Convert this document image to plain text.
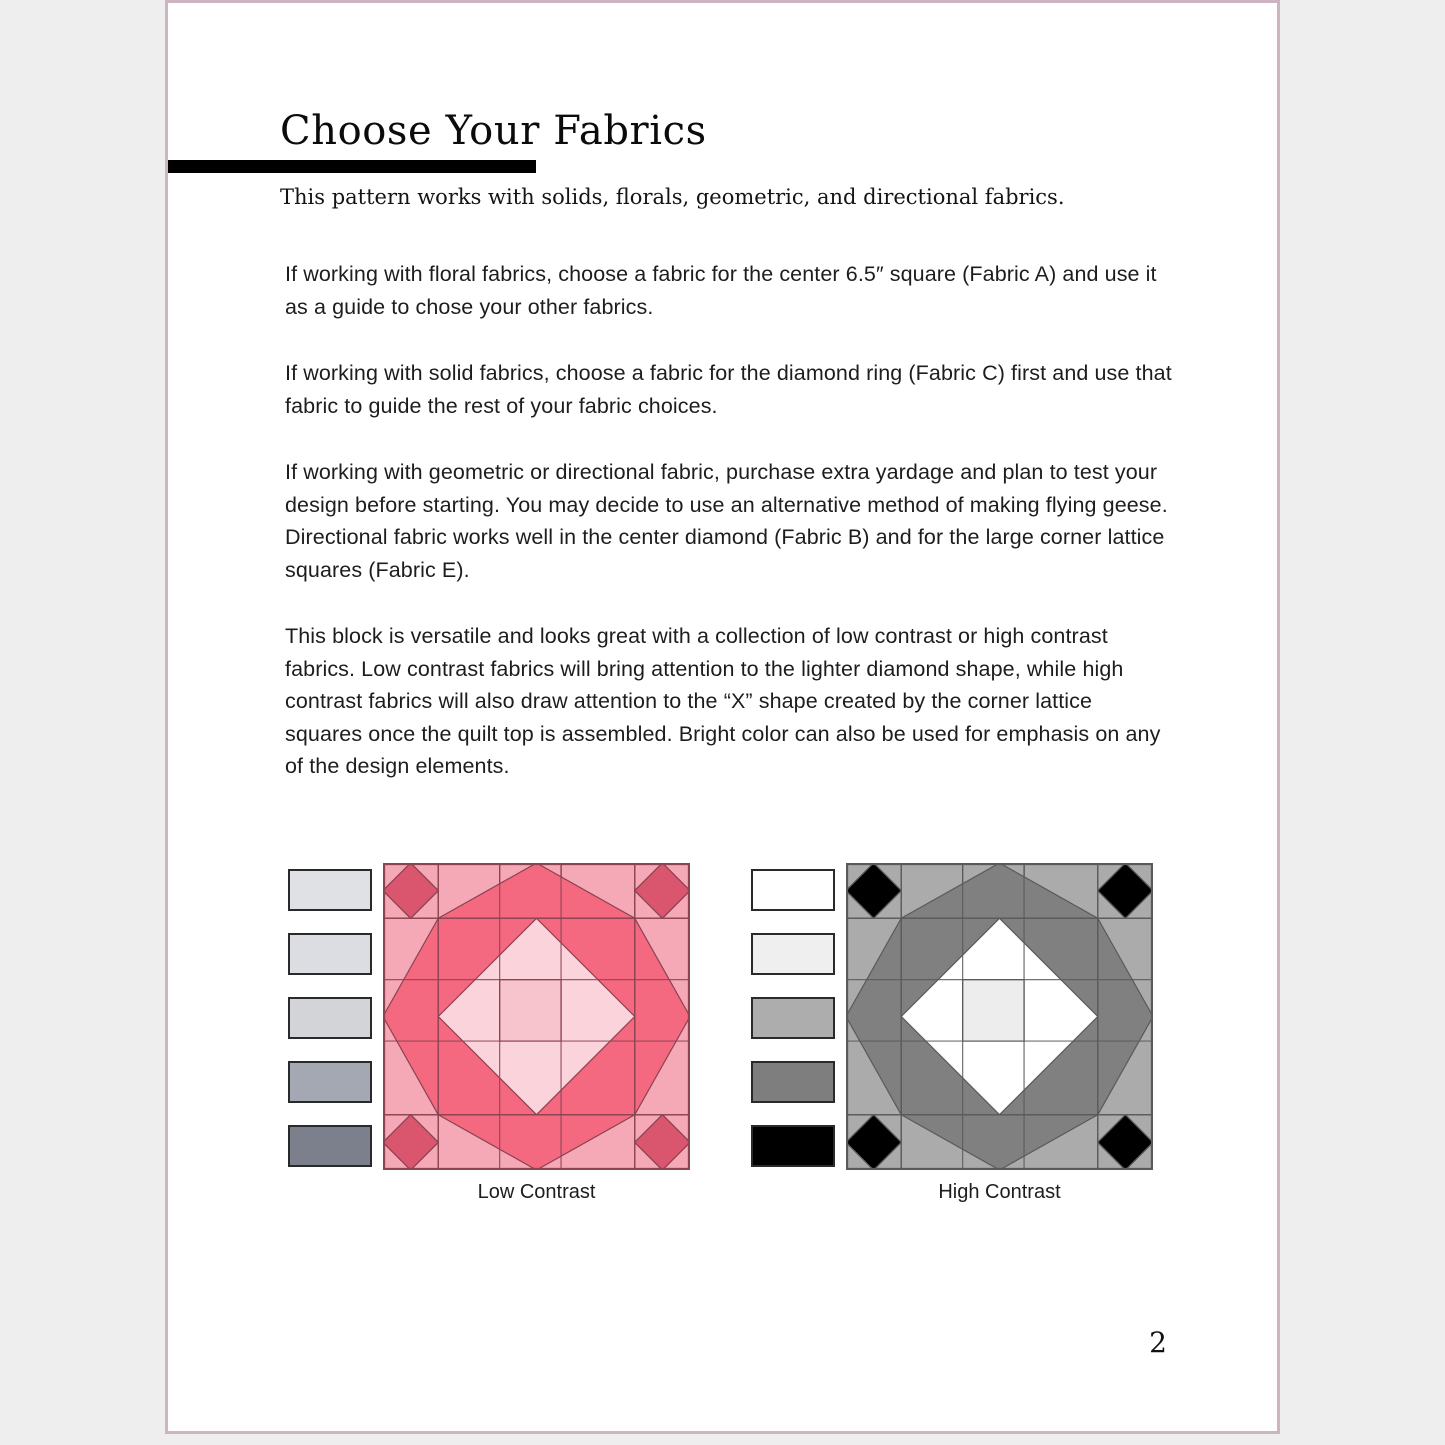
Choose Your Fabrics
This pattern works with solids, florals, geometric, and directional fabrics.

If working with floral fabrics, choose a fabric for the center 6.5″ square (Fabric A) and use it as a guide to chose your other fabrics.

If working with solid fabrics, choose a fabric for the diamond ring (Fabric C) first and use that fabric to guide the rest of your fabric choices.

If working with geometric or directional fabric, purchase extra yardage and plan to test your design before starting. You may decide to use an alternative method of making flying geese. Directional fabric works well in the center diamond (Fabric B) and for the large corner lattice squares (Fabric E).

This block is versatile and looks great with a collection of low contrast or high contrast fabrics. Low contrast fabrics will bring attention to the lighter diamond shape, while high contrast fabrics will also draw attention to the “X” shape created by the corner lattice squares once the quilt top is assembled. Bright color can also be used for emphasis on any of the design elements.

Low Contrast	High Contrast
2
